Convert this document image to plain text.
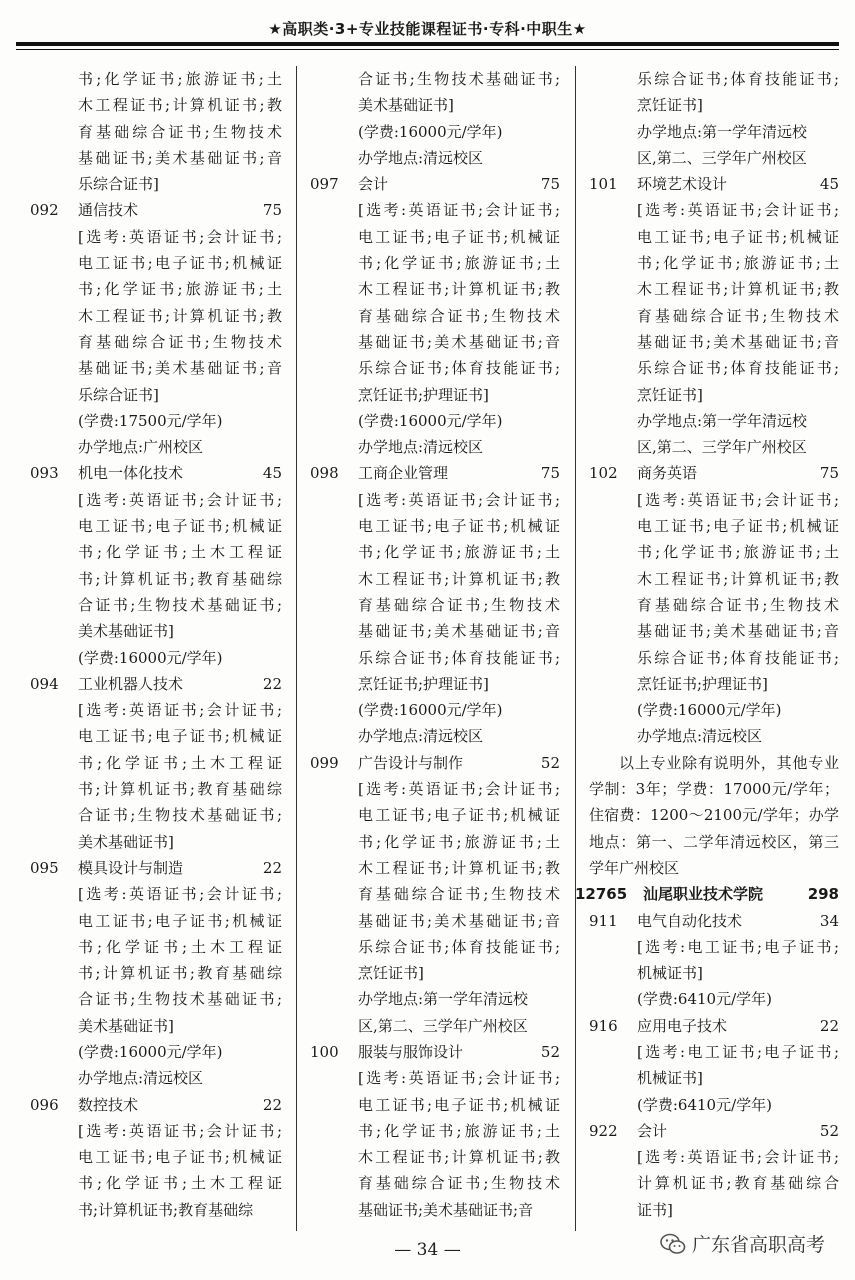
★高职类·3+专业技能课程证书·专科·中职生★
书;化学证书;旅游证书;土
木工程证书;计算机证书;教
育基础综合证书;生物技术
基础证书;美术基础证书;音
乐综合证书]
092	通信技术	75
[选考:英语证书;会计证书;
电工证书;电子证书;机械证
书;化学证书;旅游证书;土
木工程证书;计算机证书;教
育基础综合证书;生物技术
基础证书;美术基础证书;音
乐综合证书]
(学费:17500元/学年)
办学地点:广州校区
093	机电一体化技术	45
[选考:英语证书;会计证书;
电工证书;电子证书;机械证
书;化学证书;土木工程证
书;计算机证书;教育基础综
合证书;生物技术基础证书;
美术基础证书]
(学费:16000元/学年)
094	工业机器人技术	22
[选考:英语证书;会计证书;
电工证书;电子证书;机械证
书;化学证书;土木工程证
书;计算机证书;教育基础综
合证书;生物技术基础证书;
美术基础证书]
095	模具设计与制造	22
[选考:英语证书;会计证书;
电工证书;电子证书;机械证
书;化学证书;土木工程证
书;计算机证书;教育基础综
合证书;生物技术基础证书;
美术基础证书]
(学费:16000元/学年)
办学地点:清远校区
096	数控技术	22
[选考:英语证书;会计证书;
电工证书;电子证书;机械证
书;化学证书;土木工程证
书;计算机证书;教育基础综
合证书;生物技术基础证书;
美术基础证书]
(学费:16000元/学年)
办学地点:清远校区
097	会计	75
[选考:英语证书;会计证书;
电工证书;电子证书;机械证
书;化学证书;旅游证书;土
木工程证书;计算机证书;教
育基础综合证书;生物技术
基础证书;美术基础证书;音
乐综合证书;体育技能证书;
烹饪证书;护理证书]
(学费:16000元/学年)
办学地点:清远校区
098	工商企业管理	75
[选考:英语证书;会计证书;
电工证书;电子证书;机械证
书;化学证书;旅游证书;土
木工程证书;计算机证书;教
育基础综合证书;生物技术
基础证书;美术基础证书;音
乐综合证书;体育技能证书;
烹饪证书;护理证书]
(学费:16000元/学年)
办学地点:清远校区
099	广告设计与制作	52
[选考:英语证书;会计证书;
电工证书;电子证书;机械证
书;化学证书;旅游证书;土
木工程证书;计算机证书;教
育基础综合证书;生物技术
基础证书;美术基础证书;音
乐综合证书;体育技能证书;
烹饪证书]
办学地点:第一学年清远校
区,第二、三学年广州校区
100	服装与服饰设计	52
[选考:英语证书;会计证书;
电工证书;电子证书;机械证
书;化学证书;旅游证书;土
木工程证书;计算机证书;教
育基础综合证书;生物技术
基础证书;美术基础证书;音
乐综合证书;体育技能证书;
烹饪证书]
办学地点:第一学年清远校
区,第二、三学年广州校区
101	环境艺术设计	45
[选考:英语证书;会计证书;
电工证书;电子证书;机械证
书;化学证书;旅游证书;土
木工程证书;计算机证书;教
育基础综合证书;生物技术
基础证书;美术基础证书;音
乐综合证书;体育技能证书;
烹饪证书]
办学地点:第一学年清远校
区,第二、三学年广州校区
102	商务英语	75
[选考:英语证书;会计证书;
电工证书;电子证书;机械证
书;化学证书;旅游证书;土
木工程证书;计算机证书;教
育基础综合证书;生物技术
基础证书;美术基础证书;音
乐综合证书;体育技能证书;
烹饪证书;护理证书]
(学费:16000元/学年)
办学地点:清远校区
以上专业除有说明外，其他专业学制：3年；学费：17000元/学年；住宿费：1200～2100元/学年；办学地点：第一、二学年清远校区，第三学年广州校区
12765	汕尾职业技术学院	298
911	电气自动化技术	34
[选考:电工证书;电子证书;
机械证书]
(学费:6410元/学年)
916	应用电子技术	22
[选考:电工证书;电子证书;
机械证书]
(学费:6410元/学年)
922	会计	52
[选考:英语证书;会计证书;
计算机证书;教育基础综合
证书]
— 34 —	广东省高职高考
